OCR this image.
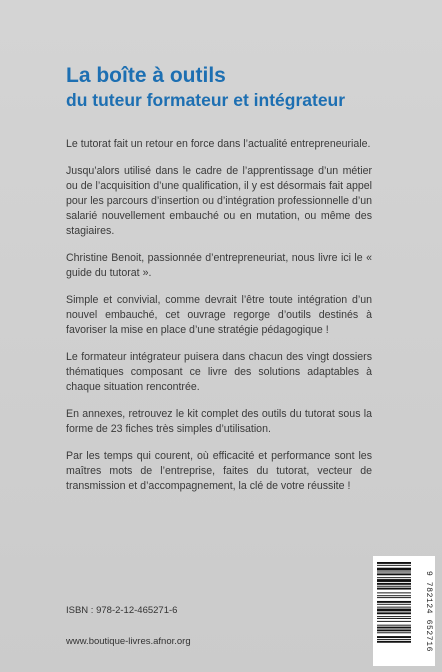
La boîte à outils
du tuteur formateur et intégrateur

Le tutorat fait un retour en force dans l’actualité entrepreneuriale.

Jusqu’alors utilisé dans le cadre de l’apprentissage d’un métier ou de l’acquisition d’une qualification, il y est désormais fait appel pour les parcours d’insertion ou d’intégration professionnelle d’un salarié nouvellement embauché ou en mutation, ou même des stagiaires.

Christine Benoit, passionnée d’entrepreneuriat, nous livre ici le « guide du tutorat ».

Simple et convivial, comme devrait l’être toute intégration d’un nouvel embauché, cet ouvrage regorge d’outils destinés à favoriser la mise en place d’une stratégie pédagogique !

Le formateur intégrateur puisera dans chacun des vingt dossiers thématiques composant ce livre des solutions adaptables à chaque situation rencontrée.

En annexes, retrouvez le kit complet des outils du tutorat sous la forme de 23 fiches très simples d’utilisation.

Par les temps qui courent, où efficacité et performance sont les maîtres mots de l’entreprise, faites du tutorat, vecteur de transmission et d’accompagnement, la clé de votre réussite !

ISBN : 978-2-12-465271-6
www.boutique-livres.afnor.org	9 782124 652716
